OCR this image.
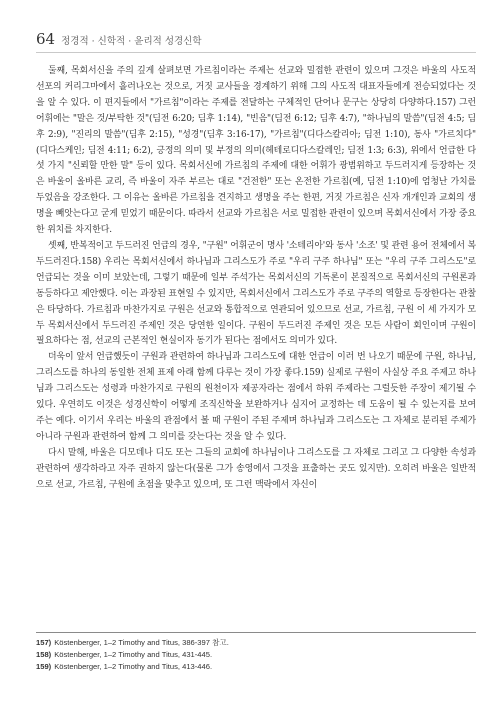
64 정경적 · 신학적 · 윤리적 성경신학

둘째, 목회서신을 주의 깊게 살펴보면 가르침이라는 주제는 선교와 밀접한 관련이 있으며 그것은 바울의 사도적 선포의 커리그마에서 흘러나오는 것으로, 거짓 교사들을 경계하기 위해 그의 사도적 대표자들에게 전승되었다는 것을 알 수 있다. 이 편지들에서 "가르침"이라는 주제를 전달하는 구체적인 단어나 문구는 상당히 다양하다.157) 그런 어휘에는 "말은 것/부탁한 것"(딤전 6:20; 딤후 1:14), "빈음"(딤전 6:12; 딤후 4:7), "하나님의 말씀"(딤전 4:5; 딤후 2:9), "진리의 말씀"(딤후 2:15), "성경"(딤후 3:16-17), "가르침"(디다스칼리아; 딤전 1:10), 동사 "가르치다"(디다스케인; 딤전 4:11; 6:2), 긍정의 의미 및 부정의 의미(헤테로디다스칼레인; 딤전 1:3; 6:3), 위에서 언급한 다섯 가지 "신뢰할 만한 말" 등이 있다. 목회서신에 가르침의 주제에 대한 어휘가 광범위하고 두드러지게 등장하는 것은 바울이 올바른 교리, 즉 바울이 자주 부르는 대로 "건전한" 또는 온전한 가르침(예, 딤전 1:10)에 엄청난 가치를 두었음을 강조한다. 그 이유는 올바른 가르침을 견지하고 생명을 주는 한편, 거짓 가르침은 신자 개개인과 교회의 생명을 빼앗는다고 굳게 믿었기 때문이다. 따라서 선교와 가르침은 서로 밀접한 관련이 있으며 목회서신에서 가장 중요한 위치를 차지한다.

셋째, 반복적이고 두드러진 언급의 경우, "구원" 어휘군이 명사 '소테리아'와 동사 '소조' 및 관련 용어 전체에서 복 두드러진다.158) 우리는 목회서신에서 하나님과 그리스도가 주로 "우리 구주 하나님" 또는 "우리 구주 그리스도"로 언급되는 것을 이미 보았는데, 그렇기 때문에 일부 주석가는 목회서신의 기독론이 본질적으로 목회서신의 구원론과 동등하다고 제안했다. 이는 과장된 표현일 수 있지만, 목회서신에서 그리스도가 주로 구주의 역할로 등장한다는 관찰은 타당하다. 가르침과 마찬가지로 구원은 선교와 통합적으로 연관되어 있으므로 선교, 가르침, 구원 이 세 가지가 모두 목회서신에서 두드러진 주제인 것은 당연한 일이다. 구원이 두드러진 주제인 것은 모든 사람이 회인이며 구원이 필요하다는 점, 선교의 근본적인 현실이자 동기가 된다는 점에서도 의미가 있다.

더욱이 앞서 언급했듯이 구원과 관련하여 하나님과 그리스도에 대한 언급이 이러 번 나오기 때문에 구원, 하나님, 그리스도를 하나의 동일한 전체 표제 아래 함께 다루는 것이 가장 좋다.159) 실제로 구원이 사실상 주요 주제고 하나님과 그리스도는 성령과 마찬가지로 구원의 원천이자 제공자라는 점에서 하위 주제라는 그럴듯한 주장이 제기될 수 있다. 우연히도 이것은 성경신학이 어떻게 조직신학을 보완하거나 심지어 교정하는 데 도움이 될 수 있는지를 보여 주는 예다. 이기서 우리는 바울의 관점에서 볼 때 구원이 주된 주제며 하나님과 그리스도는 그 자체로 분리된 주제가 아니라 구원과 관련하여 함께 그 의미를 갖는다는 것을 알 수 있다.

다시 말해, 바울은 디모데나 디도 또는 그들의 교회에 하나님이나 그리스도를 그 자체로 그리고 그 다양한 속성과 관련하여 생각하라고 자주 권하지 않는다(물론 그가 송영에서 그것을 표출하는 곳도 있지만). 오히려 바울은 일반적으로 선교, 가르침, 구원에 초점을 맞추고 있으며, 또 그런 맥락에서 자신이

157) Köstenberger, 1–2 Timothy and Titus, 386-397 참고.
158) Köstenberger, 1–2 Timothy and Titus, 431-445.
159) Köstenberger, 1–2 Timothy and Titus, 413-446.
